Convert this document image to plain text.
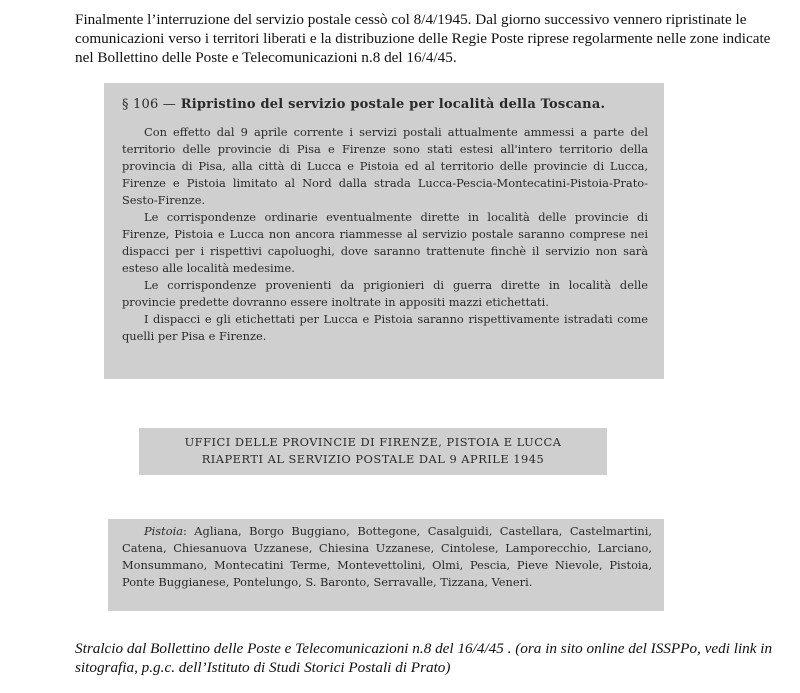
Finalmente l’interruzione del servizio postale cessò col 8/4/1945. Dal giorno successivo vennero ripristinate le comunicazioni verso i territori liberati e la distribuzione delle Regie Poste riprese regolarmente nelle zone indicate nel Bollettino delle Poste e Telecomunicazioni n.8 del 16/4/45.

§ 106 — Ripristino del servizio postale per località della Toscana.

Con effetto dal 9 aprile corrente i servizi postali attualmente ammessi a parte del territorio delle provincie di Pisa e Firenze sono stati estesi all'intero territorio della provincia di Pisa, alla città di Lucca e Pistoia ed al territorio delle provincie di Lucca, Firenze e Pistoia limitato al Nord dalla strada Lucca-Pescia-Montecatini-Pistoia-Prato-Sesto-Firenze.

Le corrispondenze ordinarie eventualmente dirette in località delle provincie di Firenze, Pistoia e Lucca non ancora riammesse al servizio postale saranno comprese nei dispacci per i rispettivi capoluoghi, dove saranno trattenute finchè il servizio non sarà esteso alle località medesime.

Le corrispondenze provenienti da prigionieri di guerra dirette in località delle provincie predette dovranno essere inoltrate in appositi mazzi etichettati.

I dispacci e gli etichettati per Lucca e Pistoia saranno rispettivamente istradati come quelli per Pisa e Firenze.

UFFICI DELLE PROVINCIE DI FIRENZE, PISTOIA E LUCCA
RIAPERTI AL SERVIZIO POSTALE DAL 9 APRILE 1945

Pistoia: Agliana, Borgo Buggiano, Bottegone, Casalguidi, Castellara, Castelmartini, Catena, Chiesanuova Uzzanese, Chiesina Uzzanese, Cintolese, Lamporecchio, Larciano, Monsummano, Montecatini Terme, Montevettolini, Olmi, Pescia, Pieve Nievole, Pistoia, Ponte Buggianese, Pontelungo, S. Baronto, Serravalle, Tizzana, Veneri.

Stralcio dal Bollettino delle Poste e Telecomunicazioni n.8 del 16/4/45 . (ora in sito online del ISSPPo, vedi link in sitografia, p.g.c. dell’Istituto di Studi Storici Postali di Prato)
